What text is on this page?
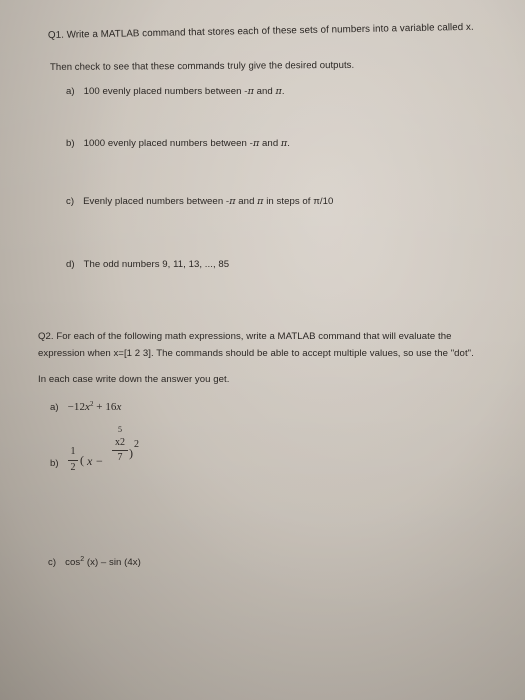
Q1. Write a MATLAB command that stores each of these sets of numbers into a variable called x.
Then check to see that these commands truly give the desired outputs.
a) 100 evenly placed numbers between -π and π.
b) 1000 evenly placed numbers between -π and π.
c) Evenly placed numbers between -π and π in steps of π/10
d) The odd numbers 9, 11, 13, ..., 85
Q2. For each of the following math expressions, write a MATLAB command that will evaluate the
expression when x=[1 2 3]. The commands should be able to accept multiple values, so use the "dot".
In each case write down the answer you get.
$a) -12x^2 + 16x$
b)
1
2
( x −
5
x2
7 )
2
c) $\cos^2 (x)$ – sin (4x)
